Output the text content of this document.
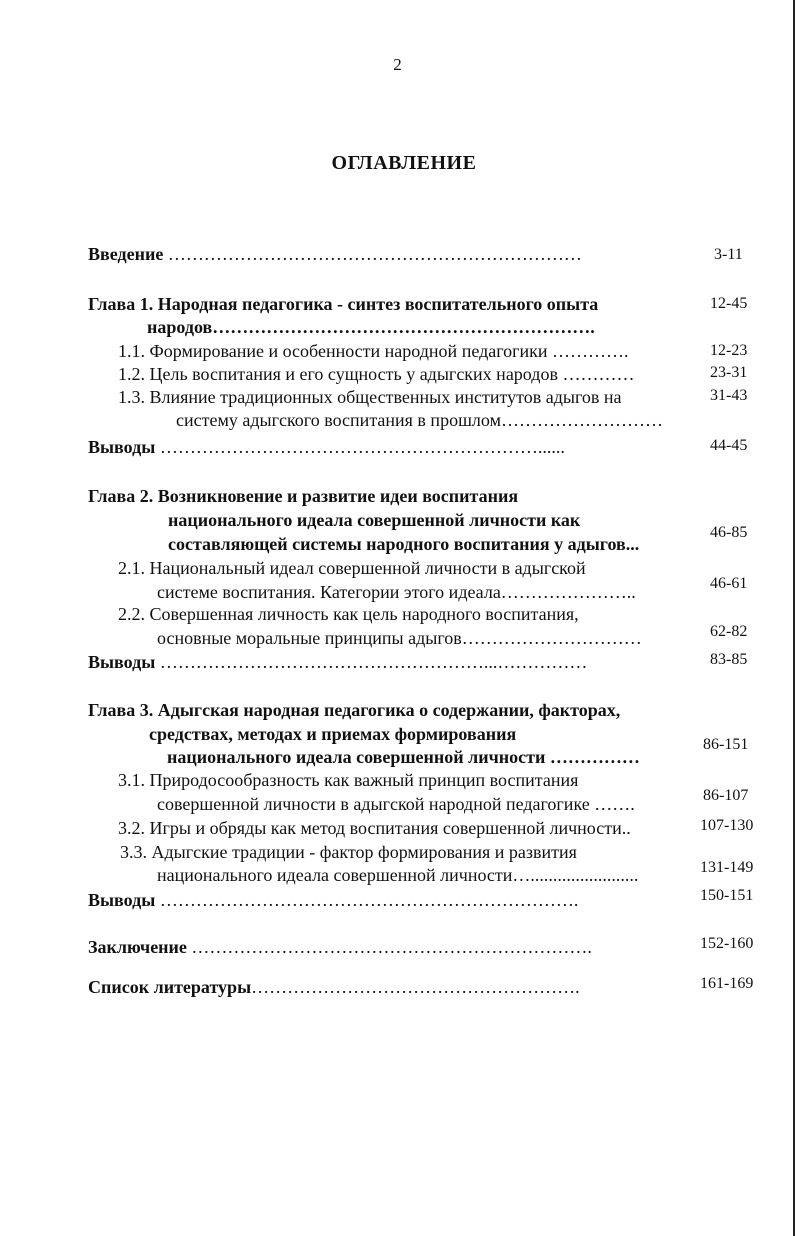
2
ОГЛАВЛЕНИЕ
Введение ……………………………………………………………	3-11
Глава 1. Народная педагогика - синтез воспитательного опыта
народов……………………………………………………….
12-45
1.1. Формирование и особенности народной педагогики ………….	12-23
1.2. Цель воспитания и его сущность у адыгских народов …………	23-31
1.3. Влияние традиционных общественных институтов адыгов на
систему адыгского воспитания в прошлом………………………
31-43
Выводы ………………………………………………………......	44-45
Глава 2. Возникновение и развитие идеи воспитания
национального идеала совершенной личности как
составляющей системы народного воспитания у адыгов...
46-85
2.1. Национальный идеал совершенной личности в адыгской
системе воспитания. Категории этого идеала…………………..	46-61
2.2. Совершенная личность как цель народного воспитания,
основные моральные принципы адыгов…………………………	62-82
Выводы ………………………………………………...……………	83-85
Глава 3. Адыгская народная педагогика о содержании, факторах,
средствах, методах и приемах формирования
национального идеала совершенной личности ……………
86-151
3.1. Природосообразность как важный принцип воспитания
совершенной личности в адыгской народной педагогике …….	86-107
3.2. Игры и обряды как метод воспитания совершенной личности..	107-130
3.3. Адыгские традиции - фактор формирования и развития
национального идеала совершенной личности…........................	131-149
Выводы …………………………………………………………….	150-151
Заключение ………………………………………………………….	152-160
Список литературы……………………………………………….	161-169
